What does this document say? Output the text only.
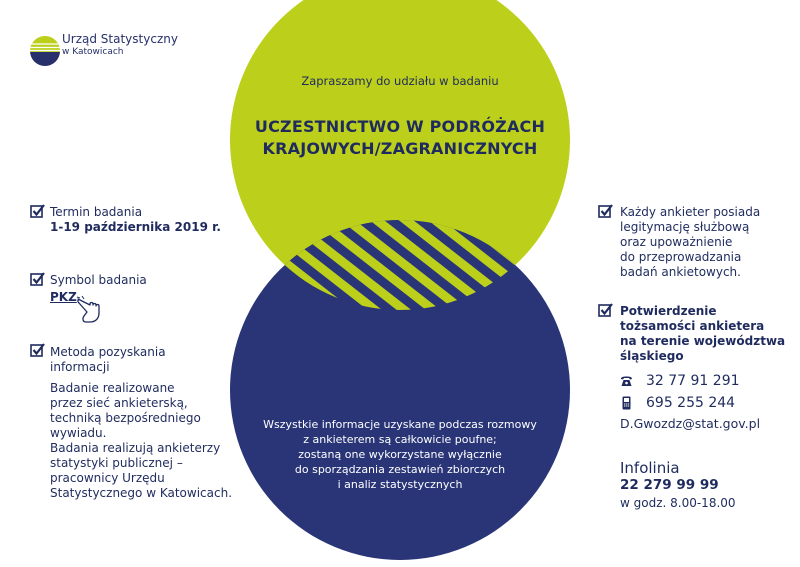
Urząd Statystyczny
w Katowicach
Zapraszamy do udziału w badaniu
UCZESTNICTWO W PODRÓŻACH
KRAJOWYCH/ZAGRANICZNYCH
Wszystkie informacje uzyskane podczas rozmowy
z ankieterem są całkowicie poufne;
zostaną one wykorzystane wyłącznie
do sporządzania zestawień zbiorczych
i analiz statystycznych
Termin badania
1-19 października 2019 r.
Symbol badania
PKZ
Metoda pozyskania
informacji
Badanie realizowane
przez sieć ankieterską,
techniką bezpośredniego
wywiadu.
Badania realizują ankieterzy
statystyki publicznej –
pracownicy Urzędu
Statystycznego w Katowicach.
Każdy ankieter posiada
legitymację służbową
oraz upoważnienie
do przeprowadzania
badań ankietowych.
Potwierdzenie
tożsamości ankietera
na terenie województwa
śląskiego
32 77 91 291
695 255 244
D.Gwozdz@stat.gov.pl
Infolinia
22 279 99 99
w godz. 8.00-18.00
